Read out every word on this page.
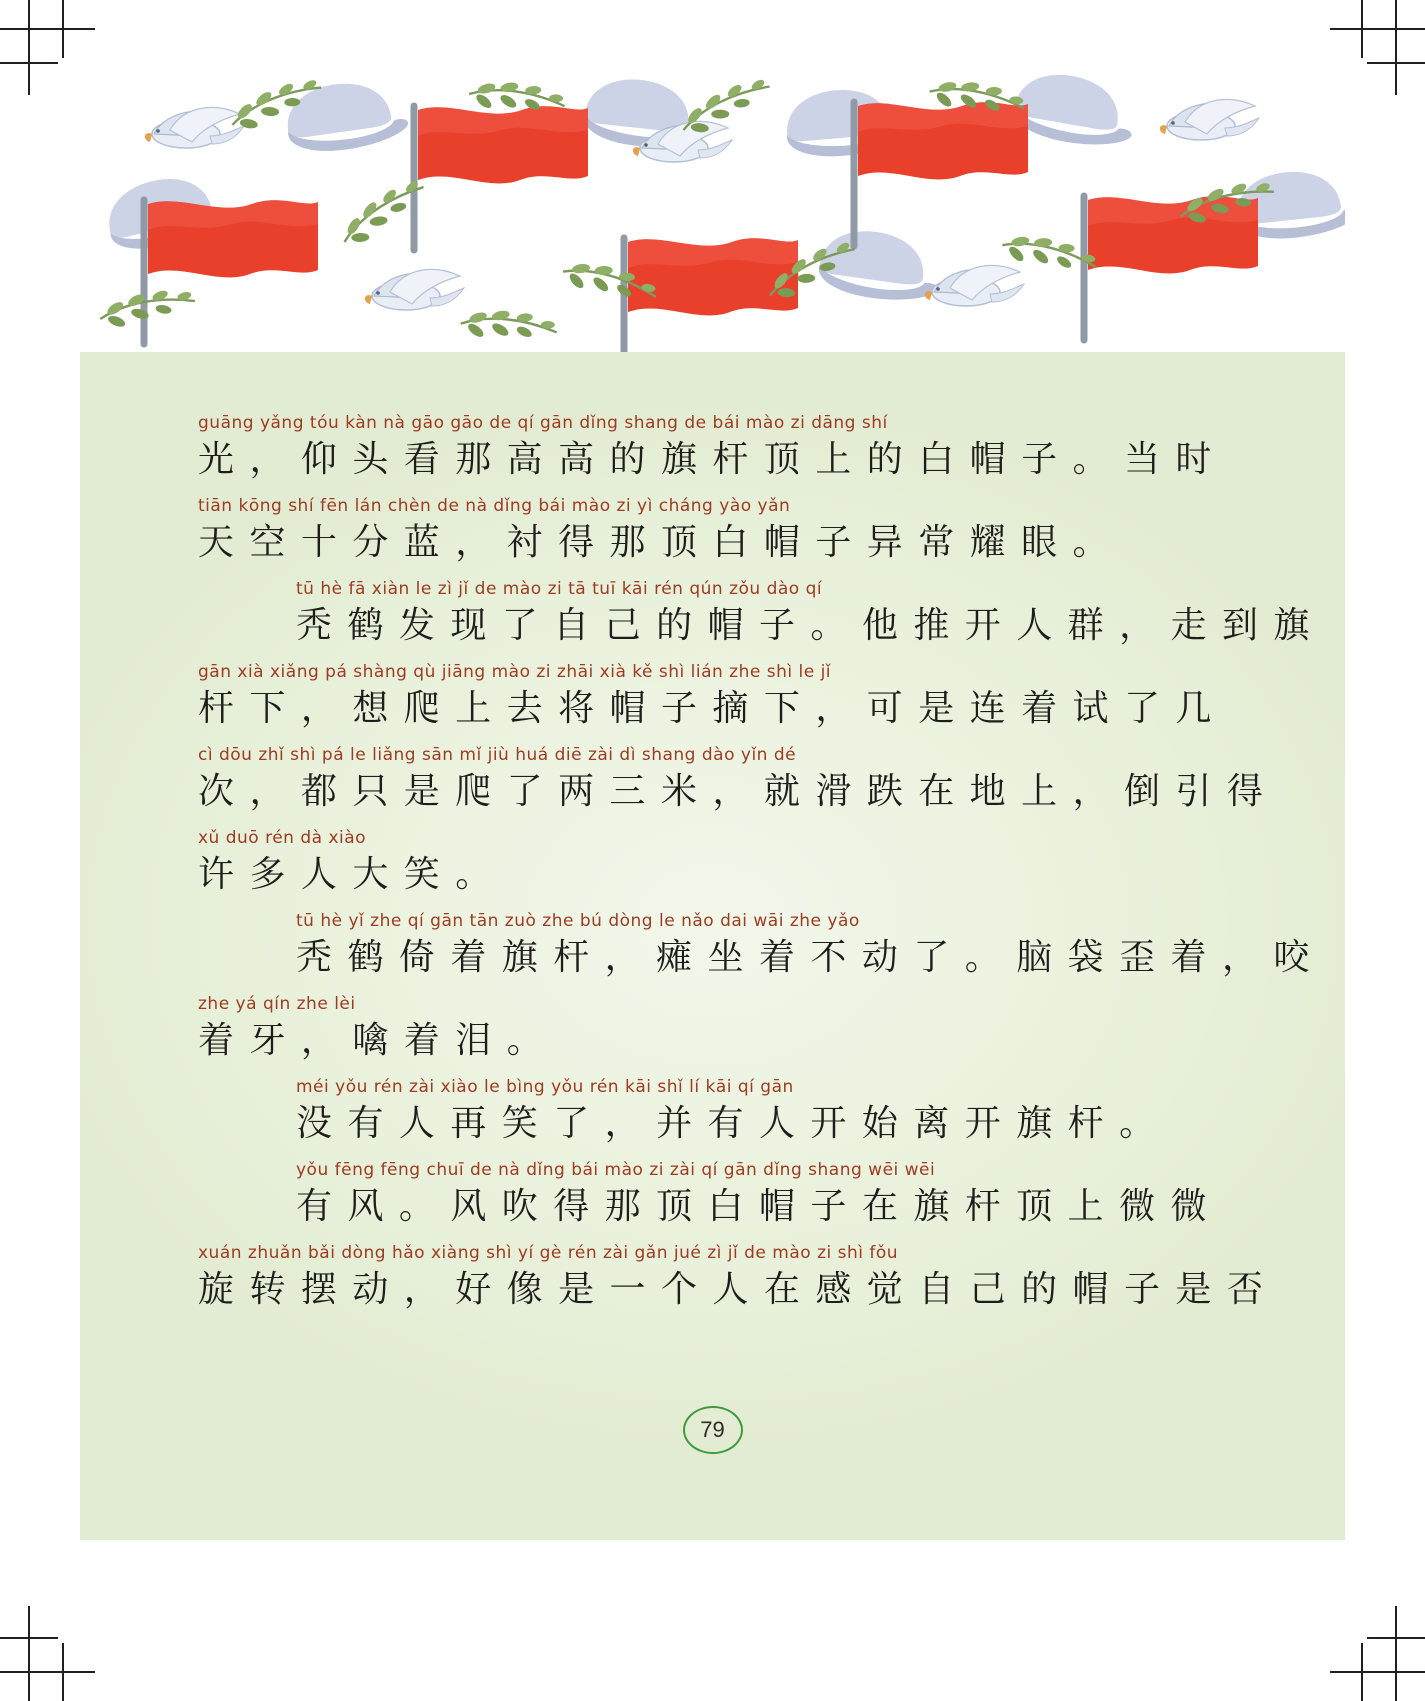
guāng yǎng tóu kàn nà gāo gāo de qí gān dǐng shang de bái mào zi dāng shí
光 ， 仰 头 看 那 高 高 的 旗 杆 顶 上 的 白 帽 子 。 当 时
tiān kōng shí fēn lán chèn de nà dǐng bái mào zi yì cháng yào yǎn
天 空 十 分 蓝 ， 衬 得 那 顶 白 帽 子 异 常 耀 眼 。
tū hè fā xiàn le zì jǐ de mào zi tā tuī kāi rén qún zǒu dào qí
秃 鹤 发 现 了 自 己 的 帽 子 。 他 推 开 人 群 ， 走 到 旗
gān xià xiǎng pá shàng qù jiāng mào zi zhāi xià kě shì lián zhe shì le jǐ
杆 下 ， 想 爬 上 去 将 帽 子 摘 下 ， 可 是 连 着 试 了 几
cì dōu zhǐ shì pá le liǎng sān mǐ jiù huá diē zài dì shang dào yǐn dé
次 ， 都 只 是 爬 了 两 三 米 ， 就 滑 跌 在 地 上 ， 倒 引 得
xǔ duō rén dà xiào
许 多 人 大 笑 。
tū hè yǐ zhe qí gān tān zuò zhe bú dòng le nǎo dai wāi zhe yǎo
秃 鹤 倚 着 旗 杆 ， 瘫 坐 着 不 动 了 。 脑 袋 歪 着 ， 咬
zhe yá qín zhe lèi
着 牙 ， 噙 着 泪 。
méi yǒu rén zài xiào le bìng yǒu rén kāi shǐ lí kāi qí gān
没 有 人 再 笑 了 ， 并 有 人 开 始 离 开 旗 杆 。
yǒu fēng fēng chuī de nà dǐng bái mào zi zài qí gān dǐng shang wēi wēi
有 风 。 风 吹 得 那 顶 白 帽 子 在 旗 杆 顶 上 微 微
xuán zhuǎn bǎi dòng hǎo xiàng shì yí gè rén zài gǎn jué zì jǐ de mào zi shì fǒu
旋 转 摆 动 ， 好 像 是 一 个 人 在 感 觉 自 己 的 帽 子 是 否
79
